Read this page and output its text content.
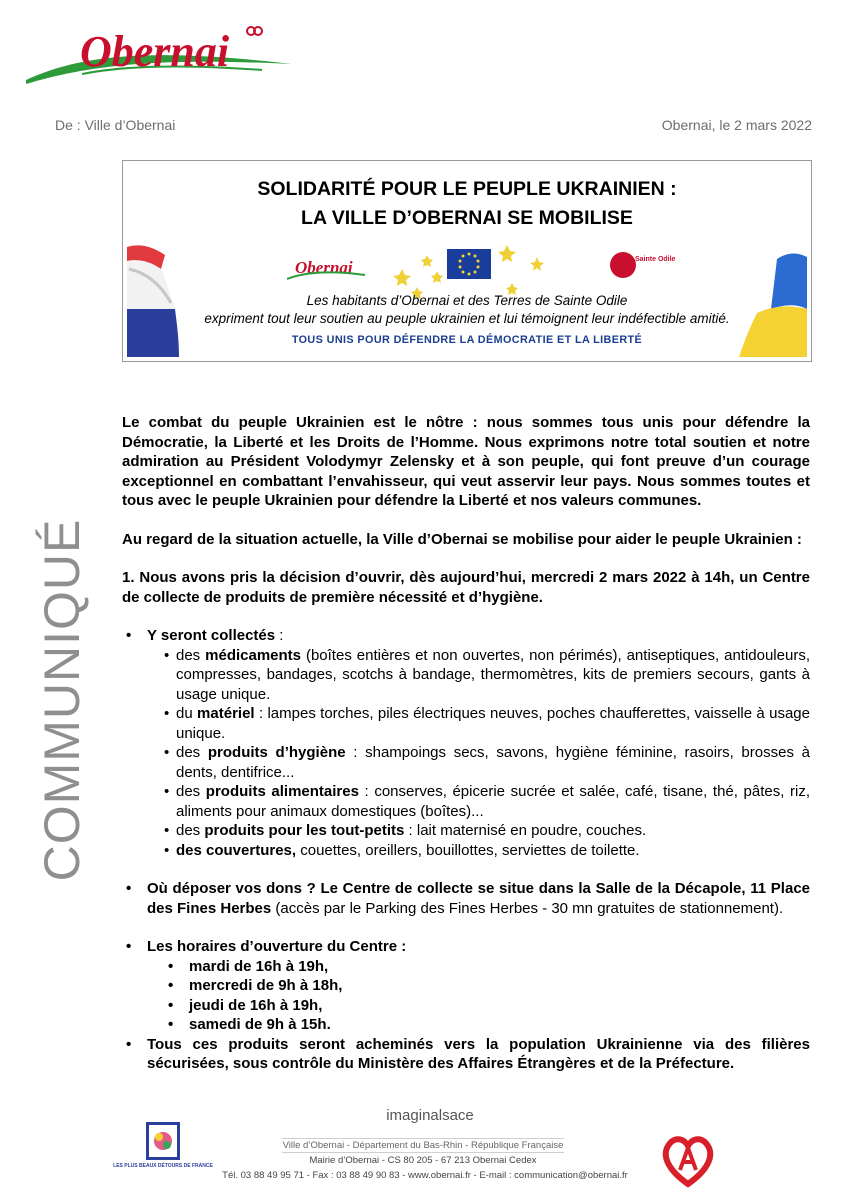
Obernai
De : Ville d’Obernai	Obernai, le 2 mars 2022
SOLIDARITÉ POUR LE PEUPLE UKRAINIEN :
LA VILLE D’OBERNAI SE MOBILISE
Obernai	Sainte Odile
Les habitants d’Obernai et des Terres de Sainte Odile
expriment tout leur soutien au peuple ukrainien et lui témoignent leur indéfectible amitié.
TOUS UNIS POUR DÉFENDRE LA DÉMOCRATIE ET LA LIBERTÉ
COMMUNIQUÉ

Le combat du peuple Ukrainien est le nôtre : nous sommes tous unis pour défendre la Démocratie, la Liberté et les Droits de l’Homme. Nous exprimons notre total soutien et notre admiration au Président Volodymyr Zelensky et à son peuple, qui font preuve d’un courage exceptionnel en combattant l’envahisseur, qui veut asservir leur pays. Nous sommes toutes et tous avec le peuple Ukrainien pour défendre la Liberté et nos valeurs communes.

Au regard de la situation actuelle, la Ville d’Obernai se mobilise pour aider le peuple Ukrainien :

1. Nous avons pris la décision d’ouvrir, dès aujourd’hui, mercredi 2 mars 2022 à 14h, un Centre de collecte de produits de première nécessité et d’hygiène.

• Y seront collectés :

• des médicaments (boîtes entières et non ouvertes, non périmés), antiseptiques, antidouleurs, compresses, bandages, scotchs à bandage, thermomètres, kits de premiers secours, gants à usage unique.

• du matériel : lampes torches, piles électriques neuves, poches chaufferettes, vaisselle à usage unique.

• des produits d’hygiène : shampoings secs, savons, hygiène féminine, rasoirs, brosses à dents, dentifrice...

• des produits alimentaires : conserves, épicerie sucrée et salée, café, tisane, thé, pâtes, riz, aliments pour animaux domestiques (boîtes)...

• des produits pour les tout-petits : lait maternisé en poudre, couches.

• des couvertures, couettes, oreillers, bouillottes, serviettes de toilette.

• Où déposer vos dons ? Le Centre de collecte se situe dans la Salle de la Décapole, 11 Place des Fines Herbes (accès par le Parking des Fines Herbes - 30 mn gratuites de stationnement).

• Les horaires d’ouverture du Centre :

• mardi de 16h à 19h,

• mercredi de 9h à 18h,

• jeudi de 16h à 19h,

• samedi de 9h à 15h.

• Tous ces produits seront acheminés vers la population Ukrainienne via des filières sécurisées, sous contrôle du Ministère des Affaires Étrangères et de la Préfecture.

LES PLUS BEAUX DÉTOURS DE FRANCE
imaginalsace
Ville d’Obernai - Département du Bas-Rhin - République Française
Mairie d’Obernai - CS 80 205 - 67 213 Obernai Cedex
Tél. 03 88 49 95 71 - Fax : 03 88 49 90 83 - www.obernai.fr - E-mail : communication@obernai.fr
